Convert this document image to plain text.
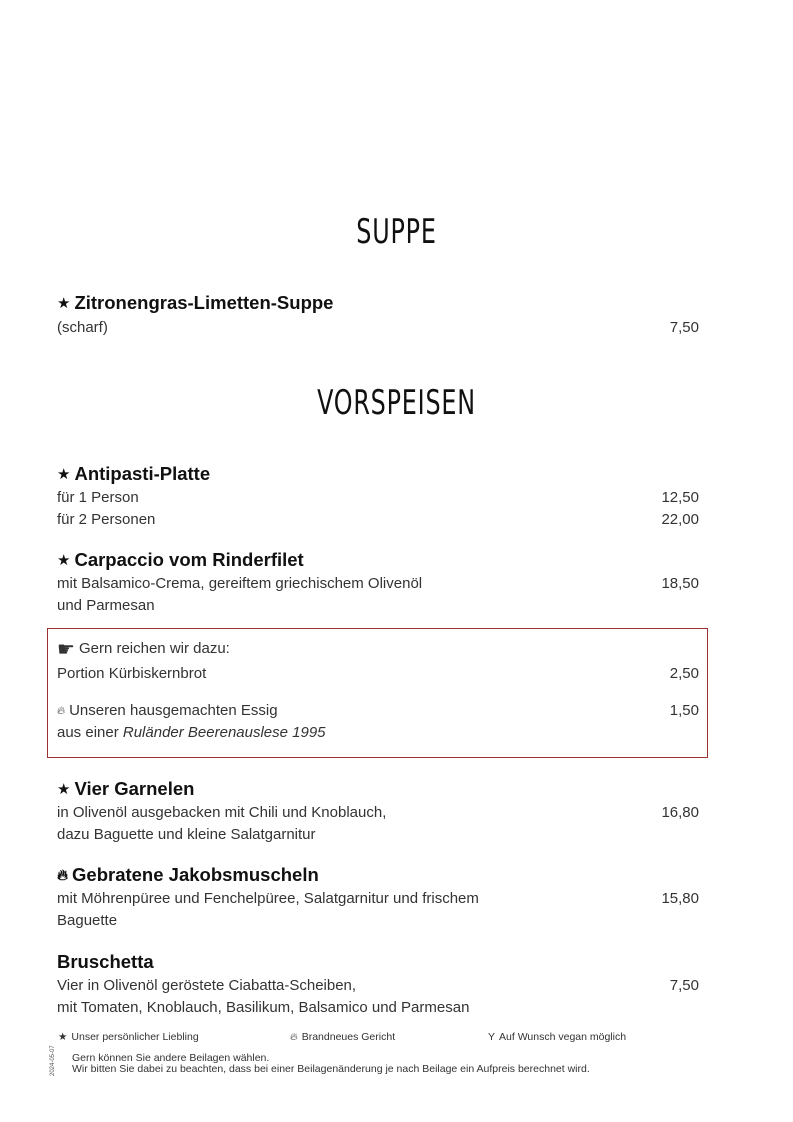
SUPPE
★ Zitronengras-Limetten-Suppe
(scharf)	7,50
VORSPEISEN
★ Antipasti-Platte
für 1 Person	12,50
für 2 Personen	22,00
★ Carpaccio vom Rinderfilet
mit Balsamico-Crema, gereiftem griechischem Olivenöl	18,50
und Parmesan
☛ Gern reichen wir dazu:
Portion Kürbiskernbrot	2,50
🔥︎ Unseren hausgemachten Essig	1,50
aus einer Ruländer Beerenauslese 1995
★ Vier Garnelen
in Olivenöl ausgebacken mit Chili und Knoblauch,	16,80
dazu Baguette und kleine Salatgarnitur
🔥︎ Gebratene Jakobsmuscheln
mit Möhrenpüree und Fenchelpüree, Salatgarnitur und frischem	15,80
Baguette
Bruschetta
Vier in Olivenöl geröstete Ciabatta-Scheiben,	7,50
mit Tomaten, Knoblauch, Basilikum, Balsamico und Parmesan
★ Unser persönlicher Liebling	🔥︎ Brandneues Gericht	Y Auf Wunsch vegan möglich
2024-05-07 Gern können Sie andere Beilagen wählen.
Wir bitten Sie dabei zu beachten, dass bei einer Beilagenänderung je nach Beilage ein Aufpreis berechnet wird.
